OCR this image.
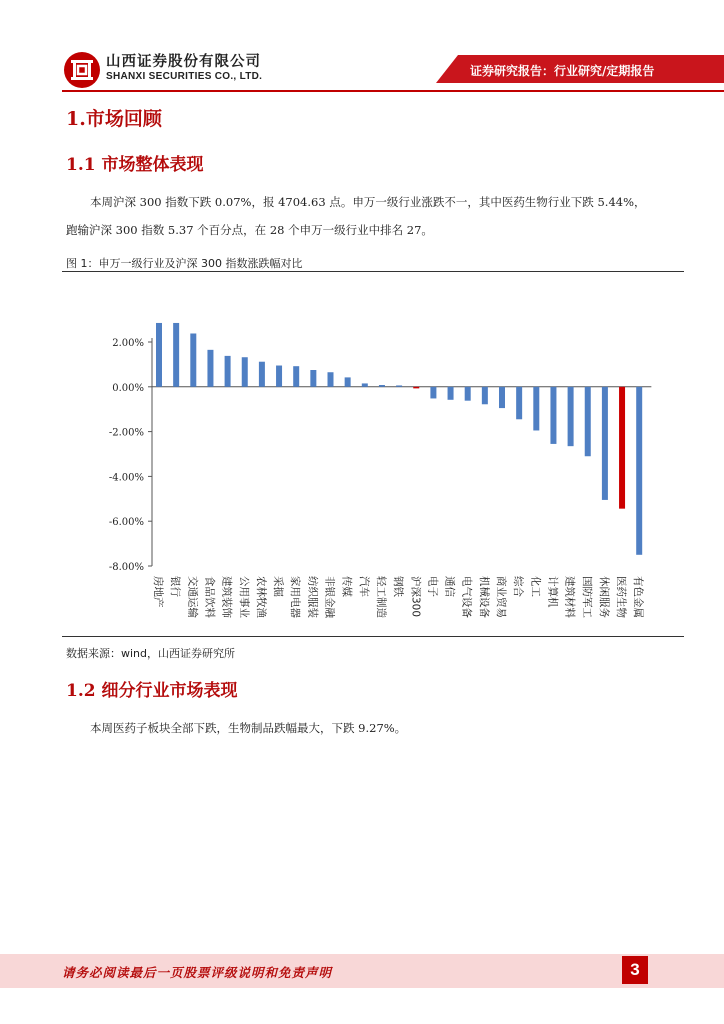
山西证券股份有限公司
SHANXI SECURITIES CO., LTD.	证券研究报告：行业研究/定期报告
1.市场回顾
1.1 市场整体表现
本周沪深 300 指数下跌 0.07%，报 4704.63 点。申万一级行业涨跌不一，其中医药生物行业下跌 5.44%，
跑输沪深 300 指数 5.37 个百分点，在 28 个申万一级行业中排名 27。
图 1：申万一级行业及沪深 300 指数涨跌幅对比
2.00%
0.00%
-2.00%
-4.00%
-6.00%
-8.00%
房地产 银行 交通运输 食品饮料 建筑装饰 公用事业 农林牧渔 采掘 家用电器 纺织服装 非银金融 传媒 汽车 轻工制造 钢铁 沪深300 电子 通信 电气设备 机械设备 商业贸易 综合 化工 计算机 建筑材料 国防军工 休闲服务 医药生物 有色金属
数据来源：wind，山西证券研究所
1.2 细分行业市场表现
本周医药子板块全部下跌，生物制品跌幅最大，下跌 9.27%。
请务必阅读最后一页股票评级说明和免责声明	3
